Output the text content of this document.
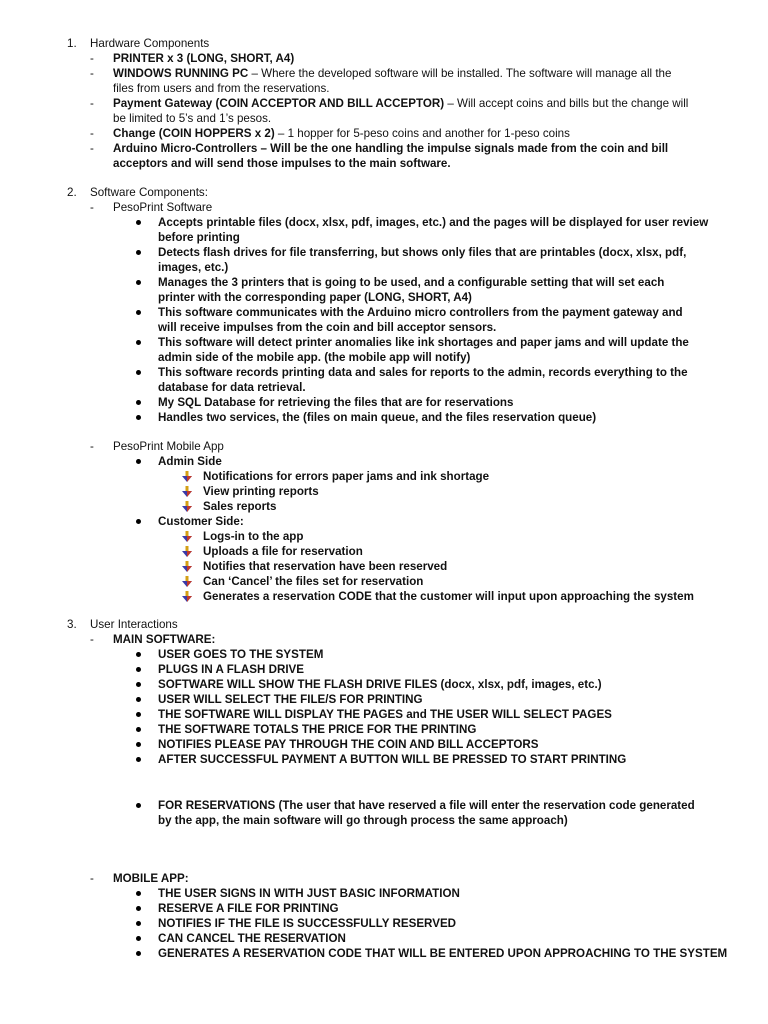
1. Hardware Components
- PRINTER x 3 (LONG, SHORT, A4)
- WINDOWS RUNNING PC – Where the developed software will be installed. The software will manage all the
files from users and from the reservations.
- Payment Gateway (COIN ACCEPTOR AND BILL ACCEPTOR) – Will accept coins and bills but the change will
be limited to 5’s and 1’s pesos.
- Change (COIN HOPPERS x 2) – 1 hopper for 5-peso coins and another for 1-peso coins
- Arduino Micro-Controllers – Will be the one handling the impulse signals made from the coin and bill
acceptors and will send those impulses to the main software.
2. Software Components:
- PesoPrint Software
Accepts printable files (docx, xlsx, pdf, images, etc.) and the pages will be displayed for user review
before printing
Detects flash drives for file transferring, but shows only files that are printables (docx, xlsx, pdf,
images, etc.)
Manages the 3 printers that is going to be used, and a configurable setting that will set each
printer with the corresponding paper (LONG, SHORT, A4)
This software communicates with the Arduino micro controllers from the payment gateway and
will receive impulses from the coin and bill acceptor sensors.
This software will detect printer anomalies like ink shortages and paper jams and will update the
admin side of the mobile app. (the mobile app will notify)
This software records printing data and sales for reports to the admin, records everything to the
database for data retrieval.
My SQL Database for retrieving the files that are for reservations
Handles two services, the (files on main queue, and the files reservation queue)
- PesoPrint Mobile App
Admin Side
Notifications for errors paper jams and ink shortage
View printing reports
Sales reports
Customer Side:
Logs-in to the app
Uploads a file for reservation
Notifies that reservation have been reserved
Can ‘Cancel’ the files set for reservation
Generates a reservation CODE that the customer will input upon approaching the system
3. User Interactions
- MAIN SOFTWARE:
USER GOES TO THE SYSTEM
PLUGS IN A FLASH DRIVE
SOFTWARE WILL SHOW THE FLASH DRIVE FILES (docx, xlsx, pdf, images, etc.)
USER WILL SELECT THE FILE/S FOR PRINTING
THE SOFTWARE WILL DISPLAY THE PAGES and THE USER WILL SELECT PAGES
THE SOFTWARE TOTALS THE PRICE FOR THE PRINTING
NOTIFIES PLEASE PAY THROUGH THE COIN AND BILL ACCEPTORS
AFTER SUCCESSFUL PAYMENT A BUTTON WILL BE PRESSED TO START PRINTING
FOR RESERVATIONS (The user that have reserved a file will enter the reservation code generated
by the app, the main software will go through process the same approach)
- MOBILE APP:
THE USER SIGNS IN WITH JUST BASIC INFORMATION
RESERVE A FILE FOR PRINTING
NOTIFIES IF THE FILE IS SUCCESSFULLY RESERVED
CAN CANCEL THE RESERVATION
GENERATES A RESERVATION CODE THAT WILL BE ENTERED UPON APPROACHING TO THE SYSTEM
